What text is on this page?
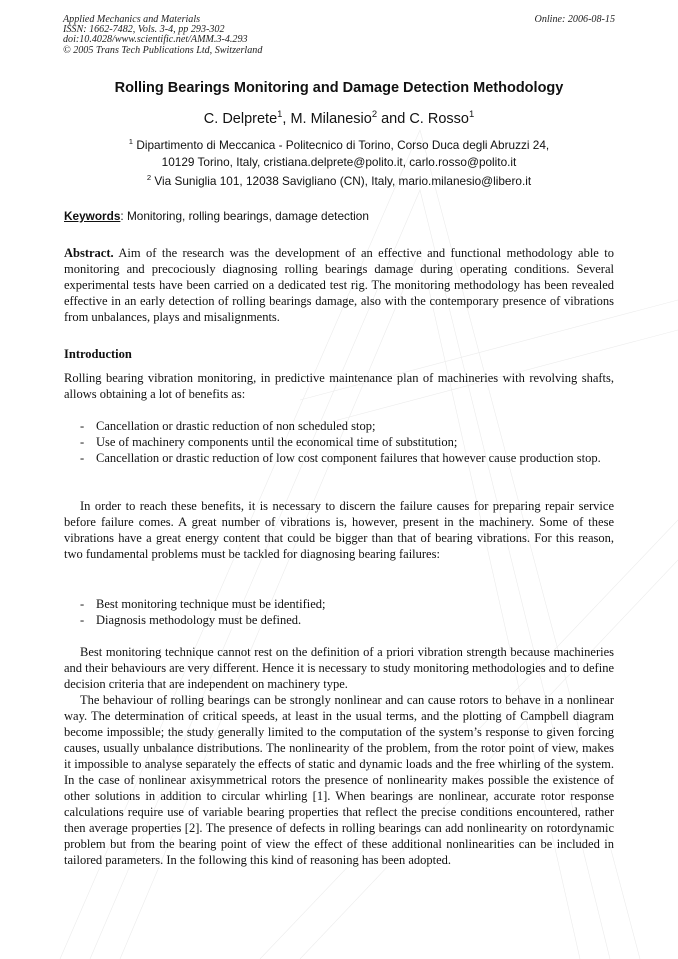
Applied Mechanics and Materials
ISSN: 1662-7482, Vols. 3-4, pp 293-302
doi:10.4028/www.scientific.net/AMM.3-4.293
© 2005 Trans Tech Publications Ltd, Switzerland
Online: 2006-08-15
Rolling Bearings Monitoring and Damage Detection Methodology
C. Delprete$^1$, M. Milanesio$^2$ and C. Rosso$^1$
$^1$ Dipartimento di Meccanica - Politecnico di Torino, Corso Duca degli Abruzzi 24,
10129 Torino, Italy, cristiana.delprete@polito.it, carlo.rosso@polito.it
$^2$ Via Suniglia 101, 12038 Savigliano (CN), Italy, mario.milanesio@libero.it
Keywords: Monitoring, rolling bearings, damage detection

Abstract. Aim of the research was the development of an effective and functional methodology able to monitoring and precociously diagnosing rolling bearings damage during operating conditions. Several experimental tests have been carried on a dedicated test rig. The monitoring methodology has been revealed effective in an early detection of rolling bearings damage, also with the contemporary presence of vibrations from unbalances, plays and misalignments.

Introduction

Rolling bearing vibration monitoring, in predictive maintenance plan of machineries with revolving shafts, allows obtaining a lot of benefits as:

- Cancellation or drastic reduction of non scheduled stop;
- Use of machinery components until the economical time of substitution;
- Cancellation or drastic reduction of low cost component failures that however cause production stop.

In order to reach these benefits, it is necessary to discern the failure causes for preparing repair service before failure comes. A great number of vibrations is, however, present in the machinery. Some of these vibrations have a great energy content that could be bigger than that of bearing vibrations. For this reason, two fundamental problems must be tackled for diagnosing bearing failures:

- Best monitoring technique must be identified;
- Diagnosis methodology must be defined.

Best monitoring technique cannot rest on the definition of a priori vibration strength because machineries and their behaviours are very different. Hence it is necessary to study monitoring methodologies and to define decision criteria that are independent on machinery type.

The behaviour of rolling bearings can be strongly nonlinear and can cause rotors to behave in a nonlinear way. The determination of critical speeds, at least in the usual terms, and the plotting of Campbell diagram become impossible; the study generally limited to the computation of the system’s response to given forcing causes, usually unbalance distributions. The nonlinearity of the problem, from the rotor point of view, makes it impossible to analyse separately the effects of static and dynamic loads and the free whirling of the system. In the case of nonlinear axisymmetrical rotors the presence of nonlinearity makes possible the existence of other solutions in addition to circular whirling [1]. When bearings are nonlinear, accurate rotor response calculations require use of variable bearing properties that reflect the precise conditions encountered, rather then average properties [2]. The presence of defects in rolling bearings can add nonlinearity on rotordynamic problem but from the bearing point of view the effect of these additional nonlinearities can be included in tailored parameters. In the following this kind of reasoning has been adopted.
